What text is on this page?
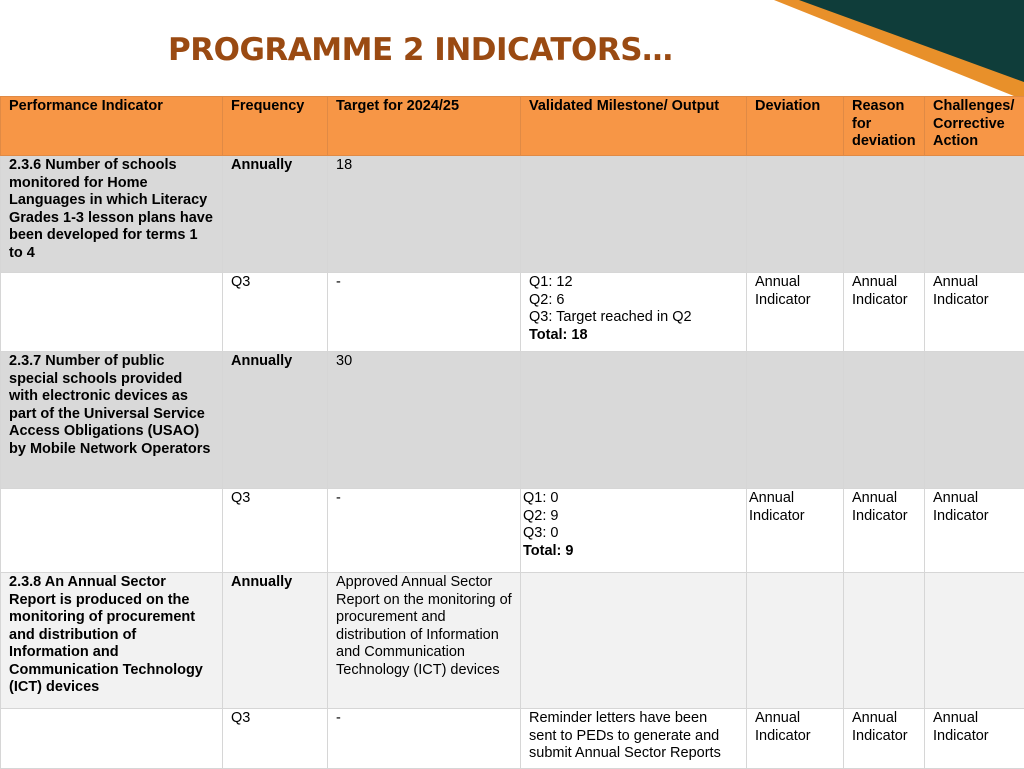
PROGRAMME 2 INDICATORS…
Performance Indicator	Frequency	Target for 2024/25	Validated Milestone/ Output	Deviation	Reason for deviation	Challenges/ Corrective Action
2.3.6 Number of schools monitored for Home Languages in which Literacy Grades 1-3 lesson plans have been developed for terms 1 to 4	Annually	18				
	Q3	-	Q1: 12
Q2: 6
Q3: Target reached in Q2
Total: 18	Annual Indicator	Annual Indicator	Annual Indicator
2.3.7 Number of public special schools provided with electronic devices as part of the Universal Service Access Obligations (USAO) by Mobile Network Operators	Annually	30				
	Q3	-	Q1: 0
Q2: 9
Q3: 0
Total: 9	Annual Indicator	Annual Indicator	Annual Indicator
2.3.8 An Annual Sector Report is produced on the monitoring of procurement and distribution of Information and Communication Technology (ICT) devices	Annually	Approved Annual Sector Report on the monitoring of procurement and distribution of Information and Communication Technology (ICT) devices				
	Q3	-	Reminder letters have been sent to PEDs to generate and submit Annual Sector Reports	Annual Indicator	Annual Indicator	Annual Indicator
